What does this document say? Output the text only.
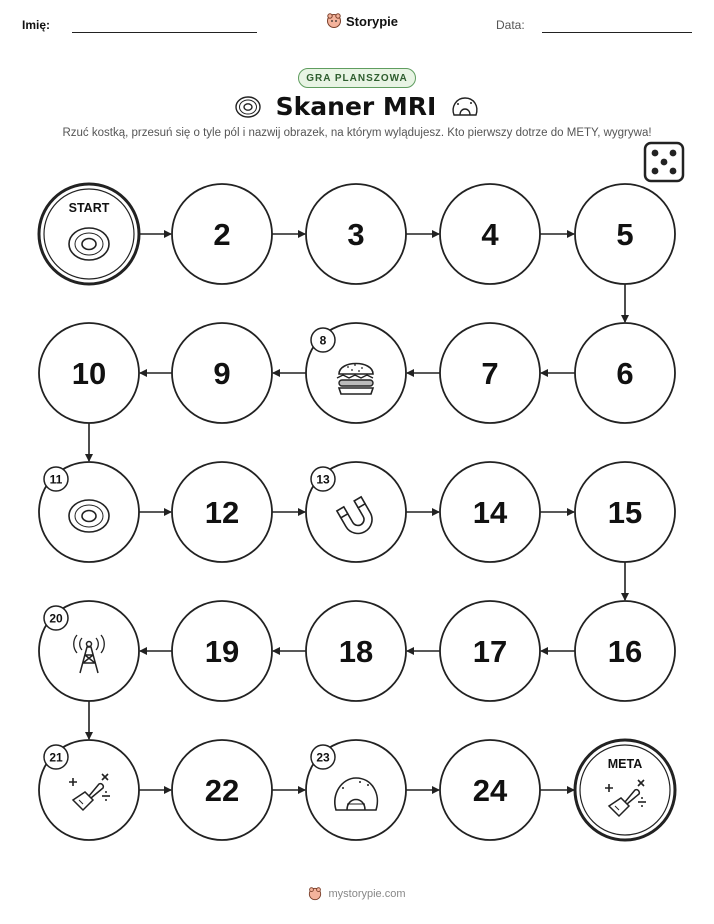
Imię:	Storypie	Data:
GRA PLANSZOWA
Skaner MRI
Rzuć kostką, przesuń się o tyle pól i nazwij obrazek, na którym wylądujesz. Kto pierwszy dotrze do METY, wygrywa!
START
2	3	4	5
6
7
8
9
10
11
12
13
14	15
16
17
18
19
20
21
22
23
24
META
mystorypie.com
